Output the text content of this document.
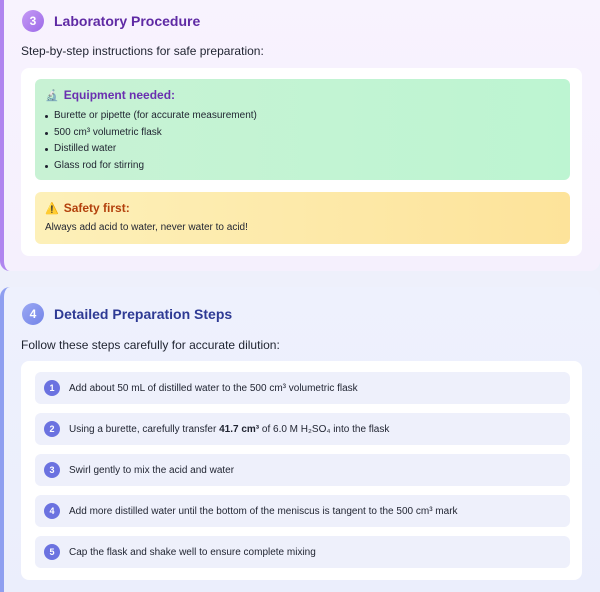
3	Laboratory Procedure
Step-by-step instructions for safe preparation:
🔬 Equipment needed:
Burette or pipette (for accurate measurement)
500 cm³ volumetric flask
Distilled water
Glass rod for stirring
⚠️ Safety first:
Always add acid to water, never water to acid!
4	Detailed Preparation Steps
Follow these steps carefully for accurate dilution:
1	Add about 50 mL of distilled water to the 500 cm³ volumetric flask
2	Using a burette, carefully transfer 41.7 cm³ of 6.0 M H₂SO₄ into the flask
3	Swirl gently to mix the acid and water
4	Add more distilled water until the bottom of the meniscus is tangent to the 500 cm³ mark
5	Cap the flask and shake well to ensure complete mixing
